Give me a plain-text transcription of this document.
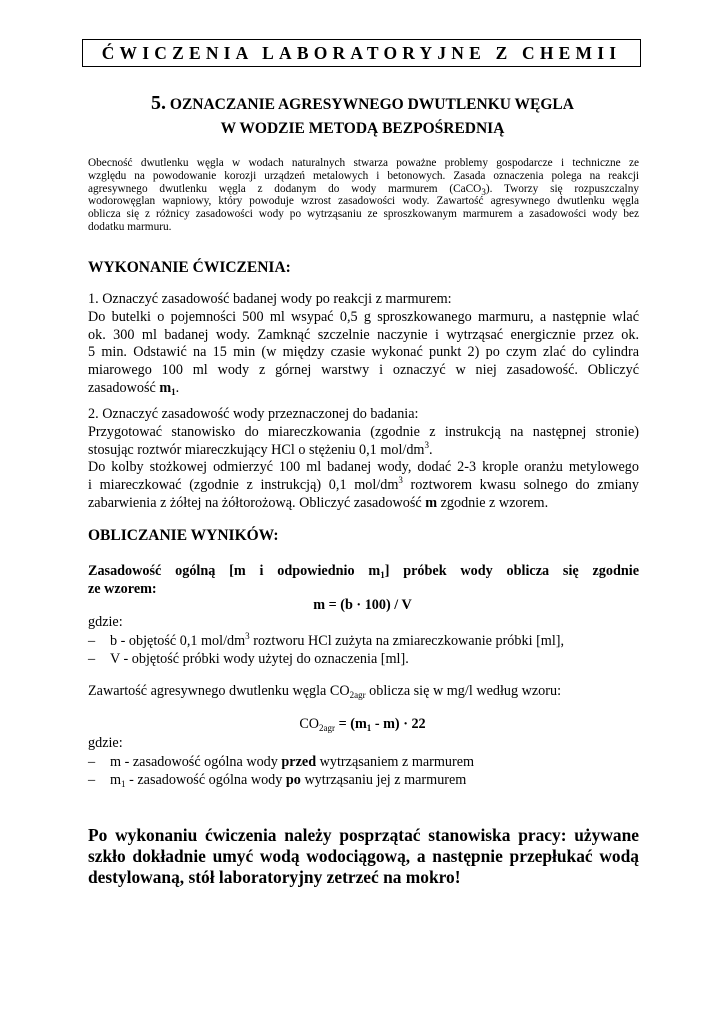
ĆWICZENIA LABORATORYJNE Z CHEMII
5. OZNACZANIE AGRESYWNEGO DWUTLENKU WĘGLA
W WODZIE METODĄ BEZPOŚREDNIĄ
Obecność dwutlenku węgla w wodach naturalnych stwarza poważne problemy gospodarcze i techniczne ze
względu na powodowanie korozji urządzeń metalowych i betonowych. Zasada oznaczenia polega na reakcji
agresywnego dwutlenku węgla z dodanym do wody marmurem (CaCO$_3$). Tworzy się rozpuszczalny
wodorowęglan wapniowy, który powoduje wzrost zasadowości wody. Zawartość agresywnego dwutlenku węgla
oblicza się z różnicy zasadowości wody po wytrząsaniu ze sproszkowanym marmurem a zasadowości wody bez
dodatku marmuru.
WYKONANIE ĆWICZENIA:
1. Oznaczyć zasadowość badanej wody po reakcji z marmurem:
Do butelki o pojemności 500 ml wsypać 0,5 g sproszkowanego marmuru, a następnie wlać
ok. 300 ml badanej wody. Zamknąć szczelnie naczynie i wytrząsać energicznie przez ok.
5 min. Odstawić na 15 min (w między czasie wykonać punkt 2) po czym zlać do cylindra
miarowego 100 ml wody z górnej warstwy i oznaczyć w niej zasadowość. Obliczyć
zasadowość $m_1$.
2. Oznaczyć zasadowość wody przeznaczonej do badania:
Przygotować stanowisko do miareczkowania (zgodnie z instrukcją na następnej stronie)
stosując roztwór miareczkujący HCl o stężeniu 0,1 mol/$dm^3$.
Do kolby stożkowej odmierzyć 100 ml badanej wody, dodać 2-3 krople oranżu metylowego
i miareczkować (zgodnie z instrukcją) 0,1 mol/$dm^3$ roztworem kwasu solnego do zmiany
zabarwienia z żółtej na żółtorożową. Obliczyć zasadowość m zgodnie z wzorem.
OBLICZANIE WYNIKÓW:
Zasadowość ogólną [m i odpowiednio $m_1$] próbek wody oblicza się zgodnie
ze wzorem:
m = (b · 100) / V
gdzie:
– b - objętość 0,1 mol/$dm^3$ roztworu HCl zużyta na zmiareczkowanie próbki [ml],
– V - objętość próbki wody użytej do oznaczenia [ml].
Zawartość agresywnego dwutlenku węgla $CO_{2agr}$ oblicza się w mg/l według wzoru:
$CO_{2agr} = (m_1 - m) \cdot 22$
gdzie:
– m - zasadowość ogólna wody przed wytrząsaniem z marmurem
– $m_1$ - zasadowość ogólna wody po wytrząsaniu jej z marmurem
Po wykonaniu ćwiczenia należy posprzątać stanowiska pracy: używane
szkło dokładnie umyć wodą wodociągową, a następnie przepłukać wodą
destylowaną, stół laboratoryjny zetrzeć na mokro!
